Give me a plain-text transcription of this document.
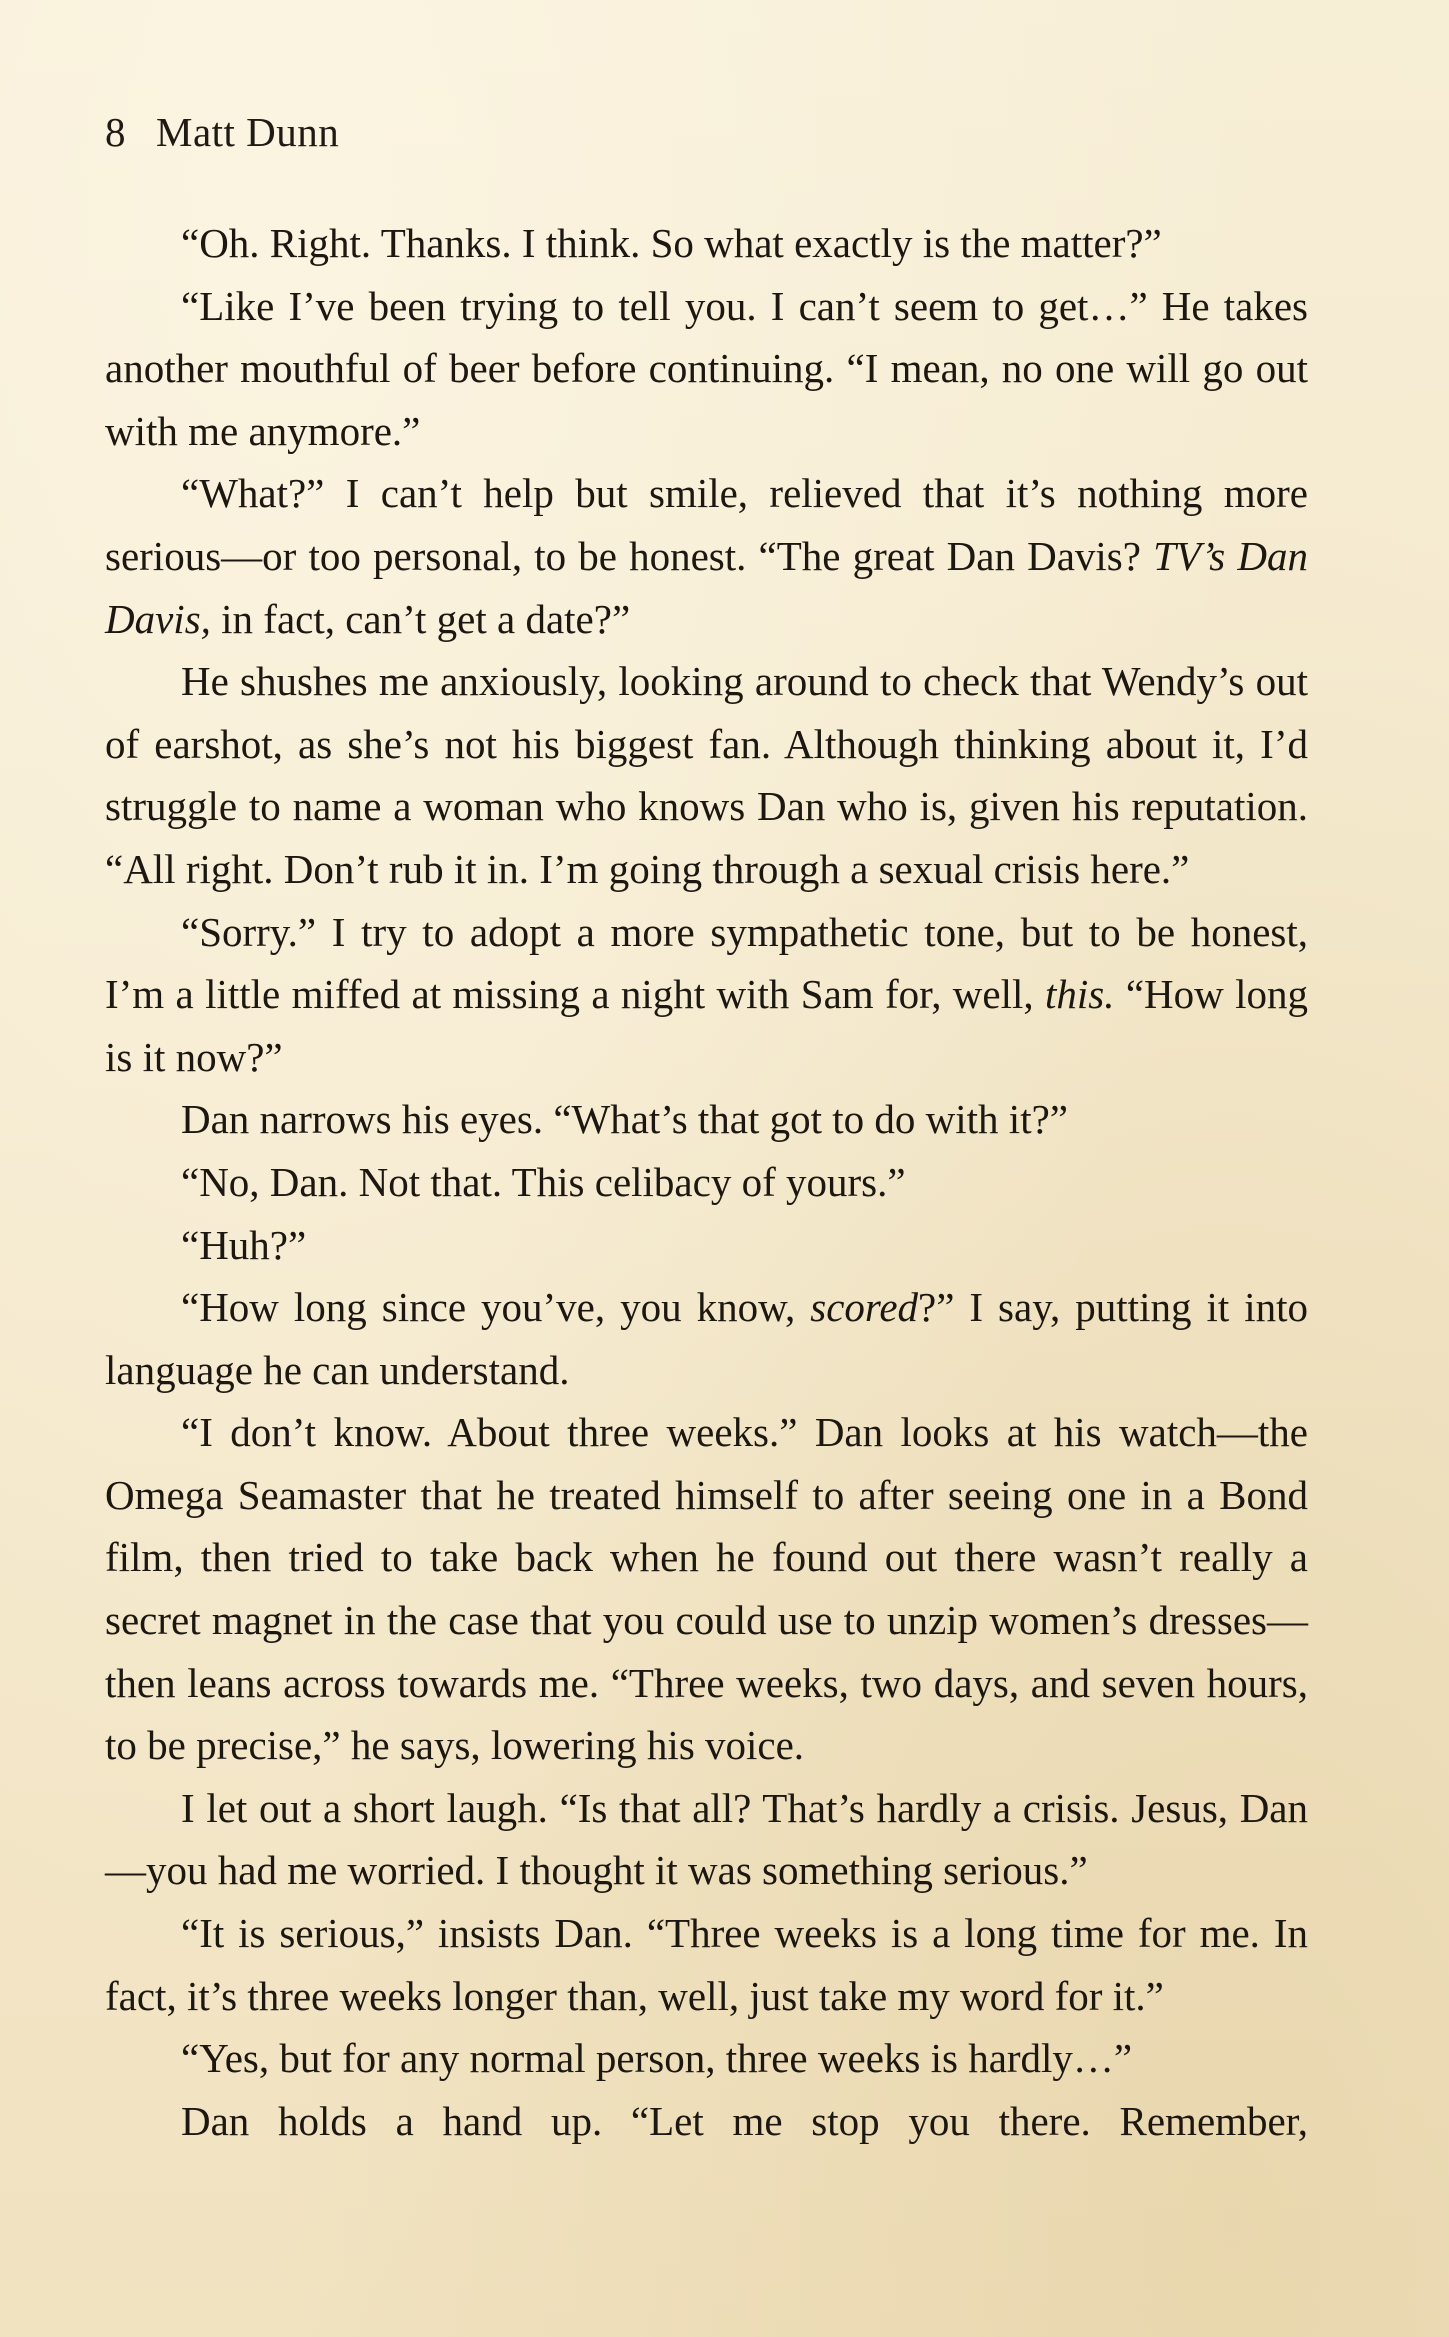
8 Matt Dunn

“Oh. Right. Thanks. I think. So what exactly is the matter?”

“Like I’ve been trying to tell you. I can’t seem to get…” He takes another mouthful of beer before continuing. “I mean, no one will go out with me anymore.”

“What?” I can’t help but smile, relieved that it’s nothing more serious—or too personal, to be honest. “The great Dan Davis? TV’s Dan Davis, in fact, can’t get a date?”

He shushes me anxiously, looking around to check that Wendy’s out of earshot, as she’s not his biggest fan. Although thinking about it, I’d struggle to name a woman who knows Dan who is, given his reputation. “All right. Don’t rub it in. I’m going through a sexual crisis here.”

“Sorry.” I try to adopt a more sympathetic tone, but to be honest, I’m a little miffed at missing a night with Sam for, well, this. “How long is it now?”

Dan narrows his eyes. “What’s that got to do with it?”

“No, Dan. Not that. This celibacy of yours.”

“Huh?”

“How long since you’ve, you know, scored?” I say, putting it into language he can understand.

“I don’t know. About three weeks.” Dan looks at his watch—the Omega Seamaster that he treated himself to after seeing one in a Bond film, then tried to take back when he found out there wasn’t really a secret magnet in the case that you could use to unzip women’s dresses—then leans across towards me. “Three weeks, two days, and seven hours, to be precise,” he says, lowering his voice.

I let out a short laugh. “Is that all? That’s hardly a crisis. Jesus, Dan—you had me worried. I thought it was something serious.”

“It is serious,” insists Dan. “Three weeks is a long time for me. In fact, it’s three weeks longer than, well, just take my word for it.”

“Yes, but for any normal person, three weeks is hardly…”

Dan holds a hand up. “Let me stop you there. Remember,
